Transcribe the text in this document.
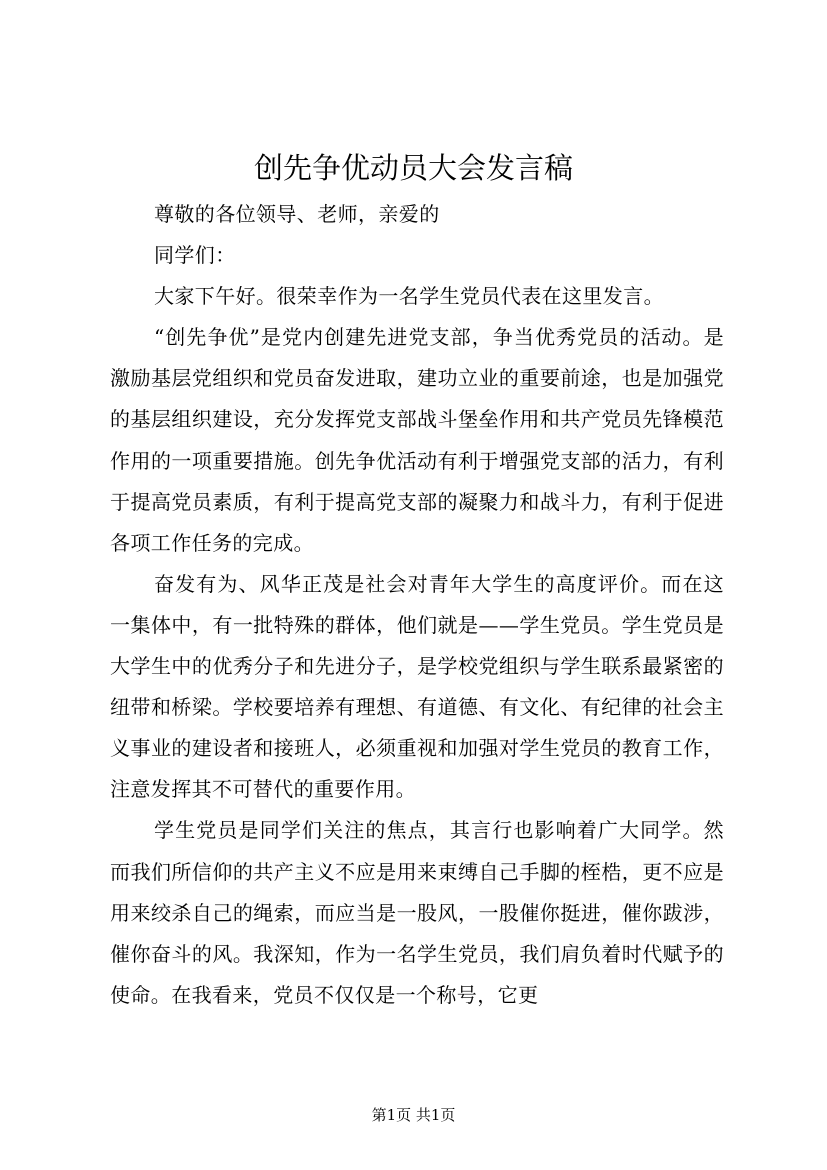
创先争优动员大会发言稿

尊敬的各位领导、老师，亲爱的

同学们：

大家下午好。很荣幸作为一名学生党员代表在这里发言。

“创先争优”是党内创建先进党支部，争当优秀党员的活动。是激励基层党组织和党员奋发进取，建功立业的重要前途，也是加强党的基层组织建设，充分发挥党支部战斗堡垒作用和共产党员先锋模范作用的一项重要措施。创先争优活动有利于增强党支部的活力，有利于提高党员素质，有利于提高党支部的凝聚力和战斗力，有利于促进各项工作任务的完成。

奋发有为、风华正茂是社会对青年大学生的高度评价。而在这一集体中，有一批特殊的群体，他们就是——学生党员。学生党员是大学生中的优秀分子和先进分子，是学校党组织与学生联系最紧密的纽带和桥梁。学校要培养有理想、有道德、有文化、有纪律的社会主义事业的建设者和接班人，必须重视和加强对学生党员的教育工作，注意发挥其不可替代的重要作用。

学生党员是同学们关注的焦点，其言行也影响着广大同学。然而我们所信仰的共产主义不应是用来束缚自己手脚的桎梏，更不应是用来绞杀自己的绳索，而应当是一股风，一股催你挺进，催你跋涉，催你奋斗的风。我深知，作为一名学生党员，我们肩负着时代赋予的使命。在我看来，党员不仅仅是一个称号，它更

第1页 共1页
